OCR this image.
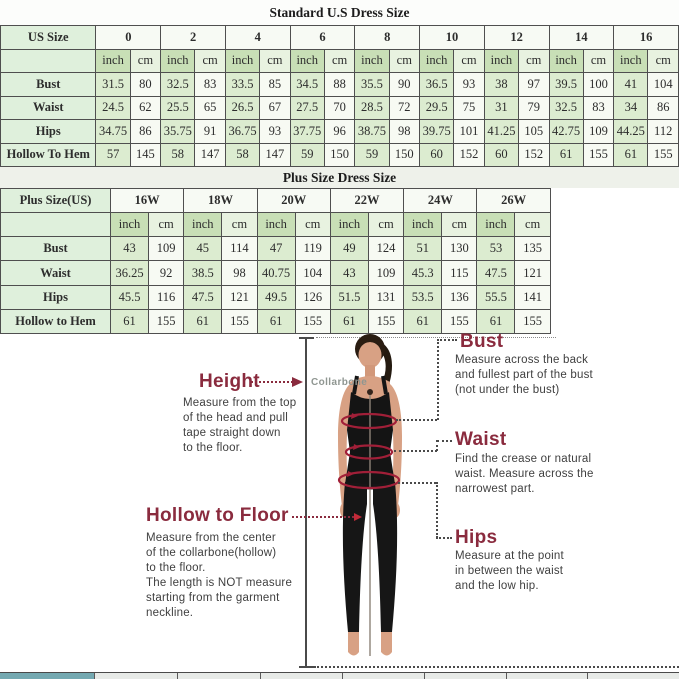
Standard U.S Dress Size
US Size	0		2		4		6		8		10		12		14		16	
	inch	cm	inch	cm	inch	cm	inch	cm	inch	cm	inch	cm	inch	cm	inch	cm	inch	cm
Bust	31.5	80	32.5	83	33.5	85	34.5	88	35.5	90	36.5	93	38	97	39.5	100	41	104
Waist	24.5	62	25.5	65	26.5	67	27.5	70	28.5	72	29.5	75	31	79	32.5	83	34	86
Hips	34.75	86	35.75	91	36.75	93	37.75	96	38.75	98	39.75	101	41.25	105	42.75	109	44.25	112
Hollow To Hem	57	145	58	147	58	147	59	150	59	150	60	152	60	152	61	155	61	155
Plus Size Dress Size
Plus Size(US)	16W		18W		20W		22W		24W		26W	
	inch	cm	inch	cm	inch	cm	inch	cm	inch	cm	inch	cm
Bust	43	109	45	114	47	119	49	124	51	130	53	135
Waist	36.25	92	38.5	98	40.75	104	43	109	45.3	115	47.5	121
Hips	45.5	116	47.5	121	49.5	126	51.5	131	53.5	136	55.5	141
Hollow to Hem	61	155	61	155	61	155	61	155	61	155	61	155
Collarbone
Height
Measure from the top
of the head and pull
tape straight down
to the floor.
Hollow to Floor
Measure from the center
of the collarbone(hollow)
to the floor.
The length is NOT measure
starting from the garment
neckline.
Bust
Measure across the back
and fullest part of the bust
(not under the bust)
Waist
Find the crease or natural
waist. Measure across the
narrowest part.
Hips
Measure at the point
in between the waist
and the low hip.
